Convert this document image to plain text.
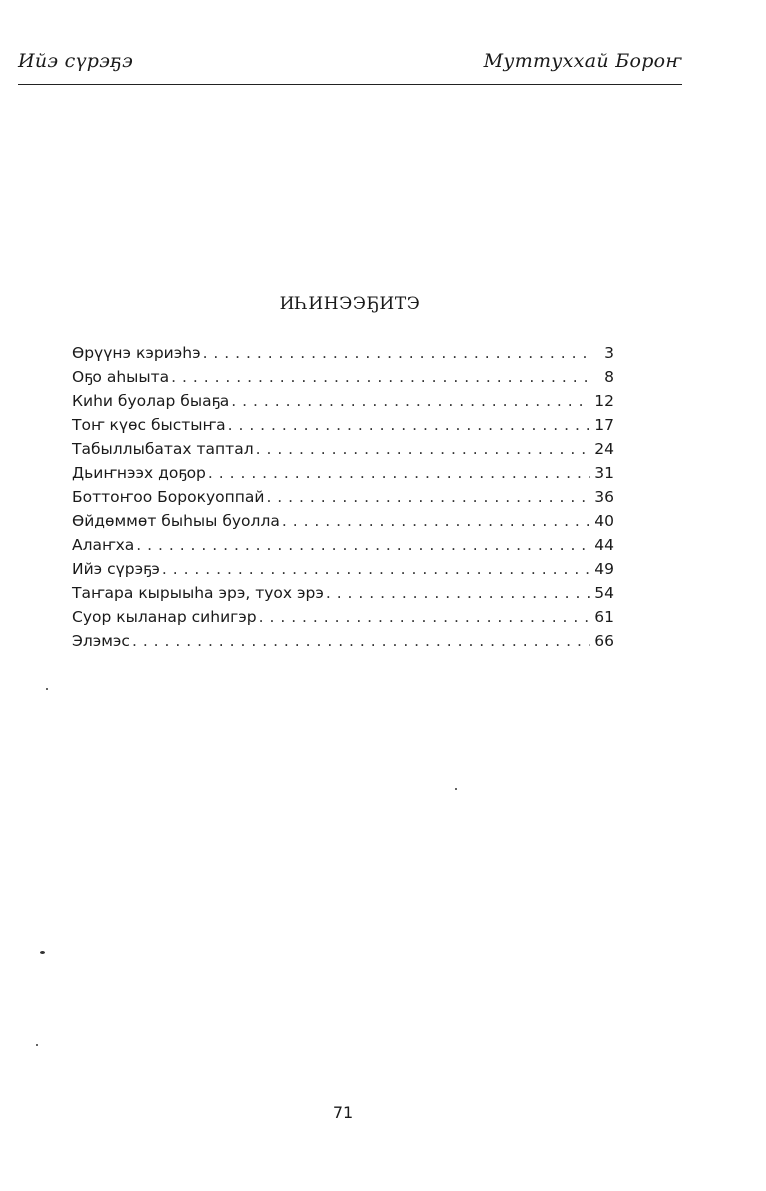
Ийэ сүрэҕэ	Муттуххай Бороҥ
ИҺИНЭЭҔИТЭ
Өрүүнэ кэриэһэ . . .	3
Оҕо аһыыта . . .	8
Киһи буолар быаҕа . . .	12
Тоҥ күөс быстыҥа . . .	17
Табыллыбатах таптал . . .	24
Дьиҥнээх доҕор . . .	31
Боттоҥоо Борокуоппай . . .	36
Өйдөммөт быһыы буолла . . .	40
Алаҥха . . .	44
Ийэ сүрэҕэ . . .	49
Таҥара кырыыһа эрэ, туох эрэ . . .	54
Суор кыланар сиһигэр . . .	61
Элэмэс . . .	66
71
